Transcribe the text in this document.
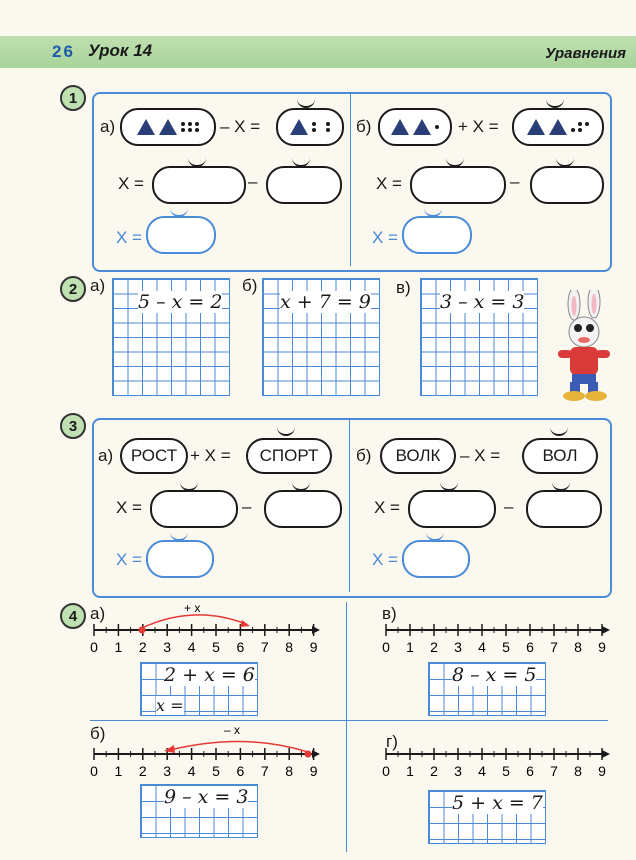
26 Урок 14	Уравнения
1
а)	– X =
X =	–
X =
б)	+ X =
X =	–
X =
2 а)
5 – x = 2
б)
x + 7 = 9
в)
3 – x = 3
3
а)	РОСТ + X =	СПОРТ
X =	–
X =
б)	ВОЛК	– X =	ВОЛ
X =	–
X =
4 а)	в)
б)	г)
0 1 2 3 4 5 6 7 8 9
+ x
0 1 2 3 4 5 6 7 8 9
0 1 2 3 4 5 6 7 8 9
– x
0 1 2 3 4 5 6 7 8 9
2 + x = 6
x =
8 – x = 5
9 – x = 3	5 + x = 7
